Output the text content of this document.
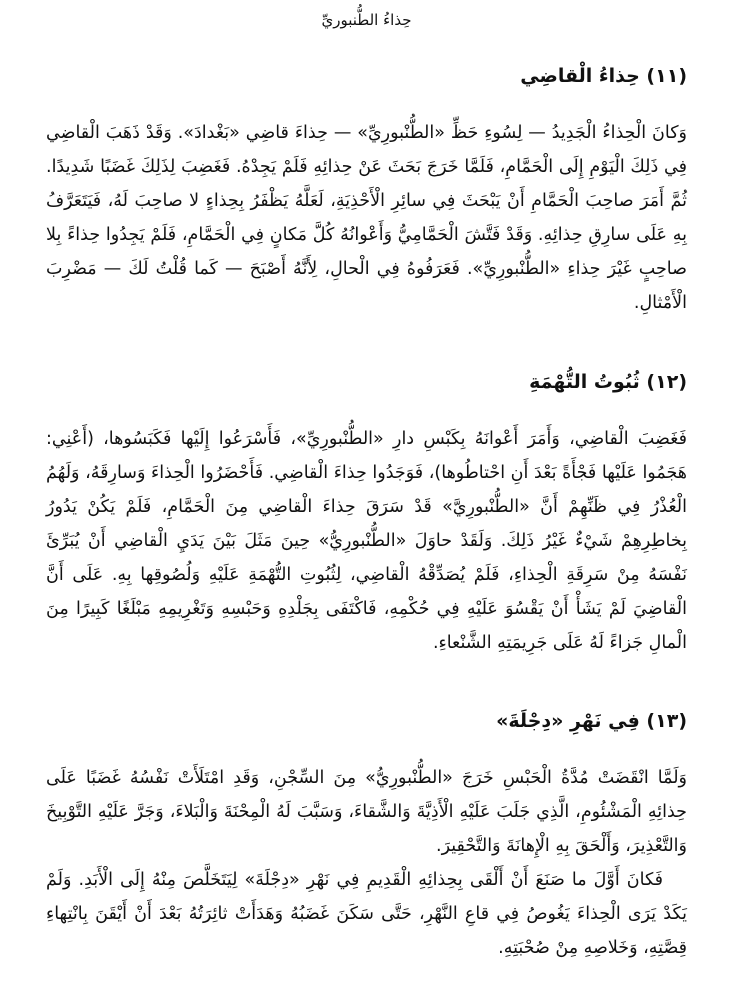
حِذاءُ الطُّنبوريِّ
(١١) حِذاءُ الْقاضِي

وَكانَ الْحِذاءُ الْجَدِيدُ — لِسُوءِ حَظِّ «الطُّنْبورِيِّ» — حِذاءَ قاضِي «بَغْدادَ». وَقَدْ ذَهَبَ الْقاضِي فِي ذَلِكَ الْيَوْمِ إِلَى الْحَمَّامِ، فَلَمَّا خَرَجَ بَحَثَ عَنْ حِذائِهِ فَلَمْ يَجِدْهُ. فَغَضِبَ لِذَلِكَ غَضَبًا شَدِيدًا. ثُمَّ أَمَرَ صاحِبَ الْحَمَّامِ أَنْ يَبْحَثَ فِي سائِرِ الْأَحْذِيَةِ، لَعَلَّهُ يَظْفَرُ بِحِذاءٍ لا صاحِبَ لَهُ، فَيَتَعَرَّفُ بِهِ عَلَى سارِقِ حِذائِهِ. وَقَدْ فَتَّشَ الْحَمَّامِيُّ وَأَعْوانُهُ كُلَّ مَكانٍ فِي الْحَمَّامِ، فَلَمْ يَجِدُوا حِذاءً بِلا صاحِبٍ غَيْرَ حِذاءِ «الطُّنْبورِيِّ». فَعَرَفُوهُ فِي الْحالِ، لِأَنَّهُ أَصْبَحَ — كَما قُلْتُ لَكَ — مَضْرِبَ الْأَمْثالِ.

(١٢) ثُبُوتُ التُّهْمَةِ

فَغَضِبَ الْقاضِي، وَأَمَرَ أَعْوانَهُ بِكَبْسِ دارِ «الطُّنْبورِيِّ»، فَأَسْرَعُوا إِلَيْها فَكَبَسُوها، (أَعْنِي: هَجَمُوا عَلَيْها فَجْأَةً بَعْدَ أَنِ احْتاطُوها)، فَوَجَدُوا حِذاءَ الْقاضِي. فَأَحْضَرُوا الْحِذاءَ وَسارِقَهُ، وَلَهُمُ الْعُذْرُ فِي ظَنِّهِمْ أَنَّ «الطُّنْبورِيَّ» قَدْ سَرَقَ حِذاءَ الْقاضِي مِنَ الْحَمَّامِ، فَلَمْ يَكُنْ يَدُورُ بِخاطِرِهِمْ شَيْءٌ غَيْرُ ذَلِكَ. وَلَقَدْ حاوَلَ «الطُّنْبورِيُّ» حِينَ مَثَلَ بَيْنَ يَدَيِ الْقاضِي أَنْ يُبَرِّئَ نَفْسَهُ مِنْ سَرِقَةِ الْحِذاءِ، فَلَمْ يُصَدِّقْهُ الْقاضِي، لِثُبُوتِ التُّهْمَةِ عَلَيْهِ وَلُصُوقِها بِهِ. عَلَى أَنَّ الْقاضِيَ لَمْ يَشَأْ أَنْ يَقْسُوَ عَلَيْهِ فِي حُكْمِهِ، فَاكْتَفَى بِجَلْدِهِ وَحَبْسِهِ وَتَغْرِيمِهِ مَبْلَغًا كَبِيرًا مِنَ الْمالِ جَزاءً لَهُ عَلَى جَرِيمَتِهِ الشَّنْعاءِ.

(١٣) فِي نَهْرِ «دِجْلَةَ»

وَلَمَّا انْقَضَتْ مُدَّةُ الْحَبْسِ خَرَجَ «الطُّنْبورِيُّ» مِنَ السِّجْنِ، وَقَدِ امْتَلَأَتْ نَفْسُهُ غَضَبًا عَلَى حِذائِهِ الْمَشْئُومِ، الَّذِي جَلَبَ عَلَيْهِ الْأَذِيَّةَ وَالشَّقاءَ، وَسَبَّبَ لَهُ الْمِحْنَةَ وَالْبَلاءَ، وَجَرَّ عَلَيْهِ التَّوْبِيخَ وَالتَّعْذِيرَ، وَأَلْحَقَ بِهِ الْإِهانَةَ وَالتَّحْقِيرَ.

فَكانَ أَوَّلَ ما صَنَعَ أَنْ أَلْقَى بِحِذائِهِ الْقَدِيمِ فِي نَهْرِ «دِجْلَةَ» لِيَتَخَلَّصَ مِنْهُ إِلَى الْأَبَدِ. وَلَمْ يَكَدْ يَرَى الْحِذاءَ يَغُوصُ فِي قاعِ النَّهْرِ، حَتَّى سَكَنَ غَضَبُهُ وَهَدَأَتْ ثائِرَتُهُ بَعْدَ أَنْ أَيْقَنَ بِانْتِهاءِ قِصَّتِهِ، وَخَلاصِهِ مِنْ صُحْبَتِهِ.
